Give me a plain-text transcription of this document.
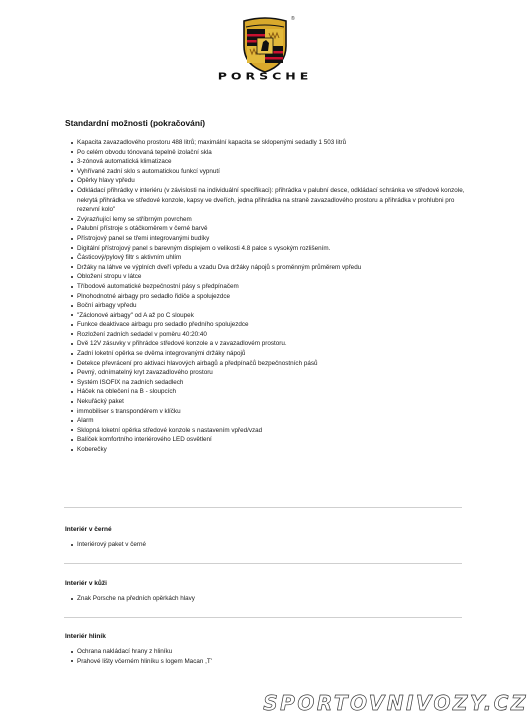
®
PORSCHE
Standardní možnosti (pokračování)
Kapacita zavazadlového prostoru 488 litrů; maximální kapacita se sklopenými sedadly 1 503 litrů
Po celém obvodu tónovaná tepelně izolační skla
3-zónová automatická klimatizace
Vyhřívané zadní sklo s automatickou funkcí vypnutí
Opěrky hlavy vpředu
Odkládací přihrádky v interiéru (v závislosti na individuální specifikaci): přihrádka v palubní desce, odkládací schránka ve středové konzole, nekrytá přihrádka ve středové konzole, kapsy ve dveřích, jedna přihrádka na straně zavazadlového prostoru a přihrádka v prohlubni pro rezervní kolo"
Zvýrazňující lemy se stříbrným povrchem
Palubní přístroje s otáčkoměrem v černé barvě
Přístrojový panel se třemi integrovanými budíky
Digitální přístrojový panel s barevným displejem o velikosti 4.8 palce s vysokým rozlišením.
Částicový/pylový filtr s aktivním uhlím
Držáky na láhve ve výplních dveří vpředu a vzadu Dva držáky nápojů s proměnným průměrem vpředu
Obložení stropu v látce
Tříbodové automatické bezpečnostní pásy s předpínačem
Plnohodnotné airbagy pro sedadlo řidiče a spolujezdce
Boční airbagy vpředu
"Záclonové airbagy" od A až po C sloupek
Funkce deaktivace airbagu pro sedadlo předního spolujezdce
Rozložení zadních sedadel v poměru 40:20:40
Dvě 12V zásuvky v přihrádce středové konzole a v zavazadlovém prostoru.
Zadní loketní opěrka se dvěma integrovanými držáky nápojů
Detekce převrácení pro aktivaci hlavových airbagů a předpínačů bezpečnostních pásů
Pevný, odnímatelný kryt zavazadlového prostoru
Systém ISOFIX na zadních sedadlech
Háček na oblečení na B - sloupcích
Nekuřácký paket
immobiliser s transpondérem v klíčku
Alarm
Sklopná loketní opěrka středové konzole s nastavením vpřed/vzad
Balíček komfortního interiérového LED osvětlení
Koberečky
Interiér v černé
Interiérový paket v černé
Interiér v kůži
Znak Porsche na předních opěrkách hlavy
Interiér hliník
Ochrana nakládací hrany z hliníku
Prahové lišty včerném hliníku s logem Macan ,T'
SPORTOVNIVOZY.CZ
